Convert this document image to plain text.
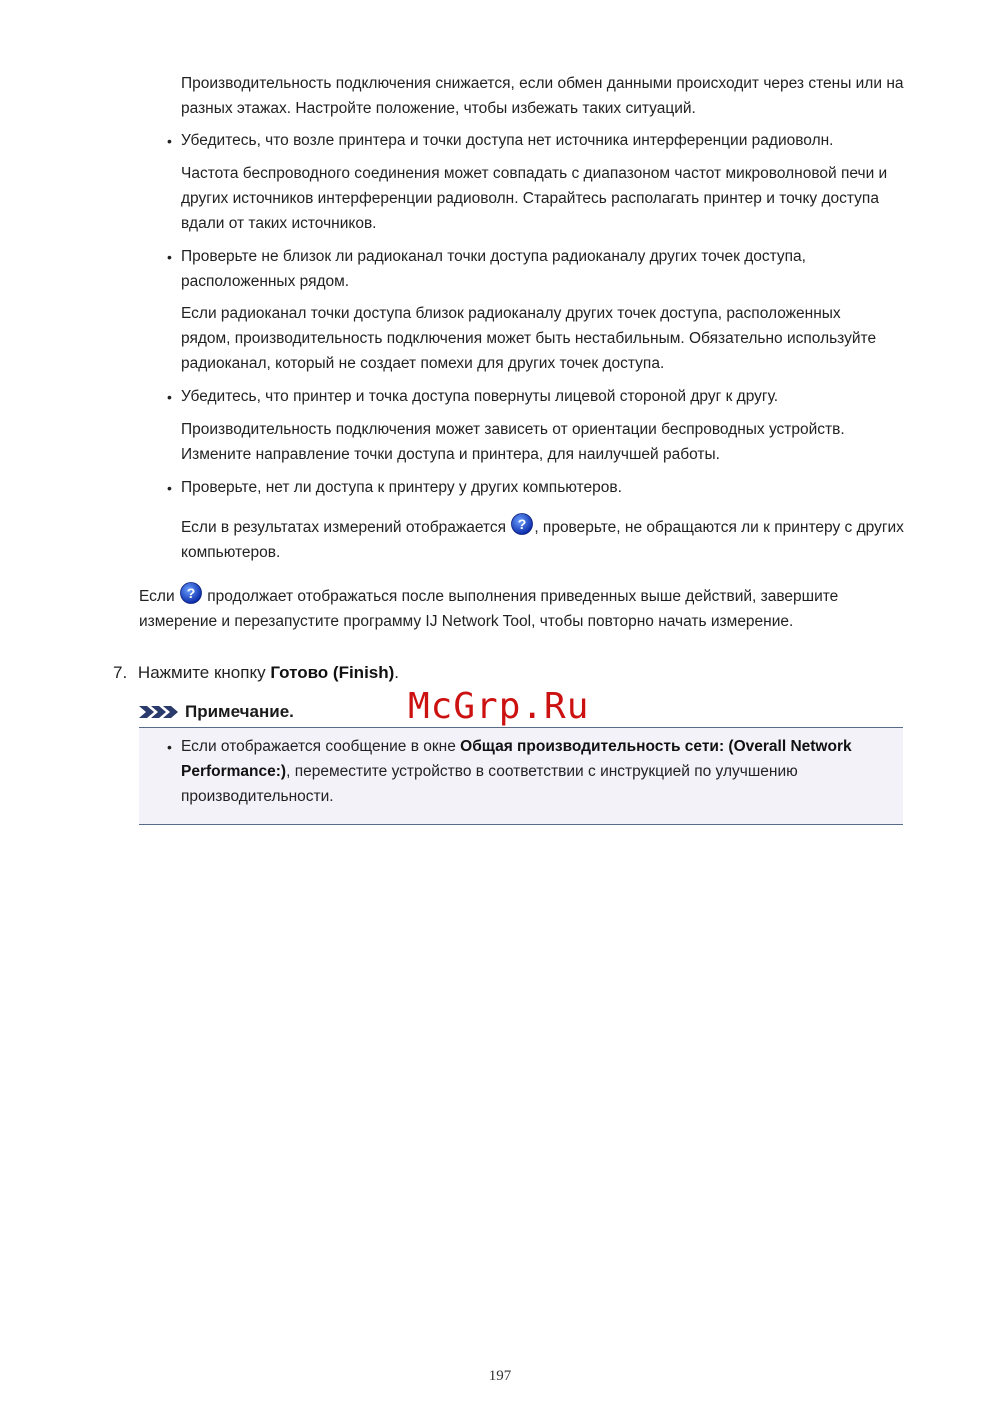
Производительность подключения снижается, если обмен данными происходит через стены или на разных этажах. Настройте положение, чтобы избежать таких ситуаций.

• Убедитесь, что возле принтера и точки доступа нет источника интерференции радиоволн.

Частота беспроводного соединения может совпадать с диапазоном частот микроволновой печи и других источников интерференции радиоволн. Старайтесь располагать принтер и точку доступа вдали от таких источников.

• Проверьте не близок ли радиоканал точки доступа радиоканалу других точек доступа, расположенных рядом.

Если радиоканал точки доступа близок радиоканалу других точек доступа, расположенных рядом, производительность подключения может быть нестабильным. Обязательно используйте радиоканал, который не создает помехи для других точек доступа.

• Убедитесь, что принтер и точка доступа повернуты лицевой стороной друг к другу.

Производительность подключения может зависеть от ориентации беспроводных устройств. Измените направление точки доступа и принтера, для наилучшей работы.

• Проверьте, нет ли доступа к принтеру у других компьютеров.

Если в результатах измерений отображается ? , проверьте, не обращаются ли к принтеру с других компьютеров.

Если ? продолжает отображаться после выполнения приведенных выше действий, завершите измерение и перезапустите программу IJ Network Tool, чтобы повторно начать измерение.

7. Нажмите кнопку Готово (Finish).
Примечание.	McGrp.Ru
• Если отображается сообщение в окне Общая производительность сети: (Overall Network Performance:), переместите устройство в соответствии с инструкцией по улучшению производительности.

197
